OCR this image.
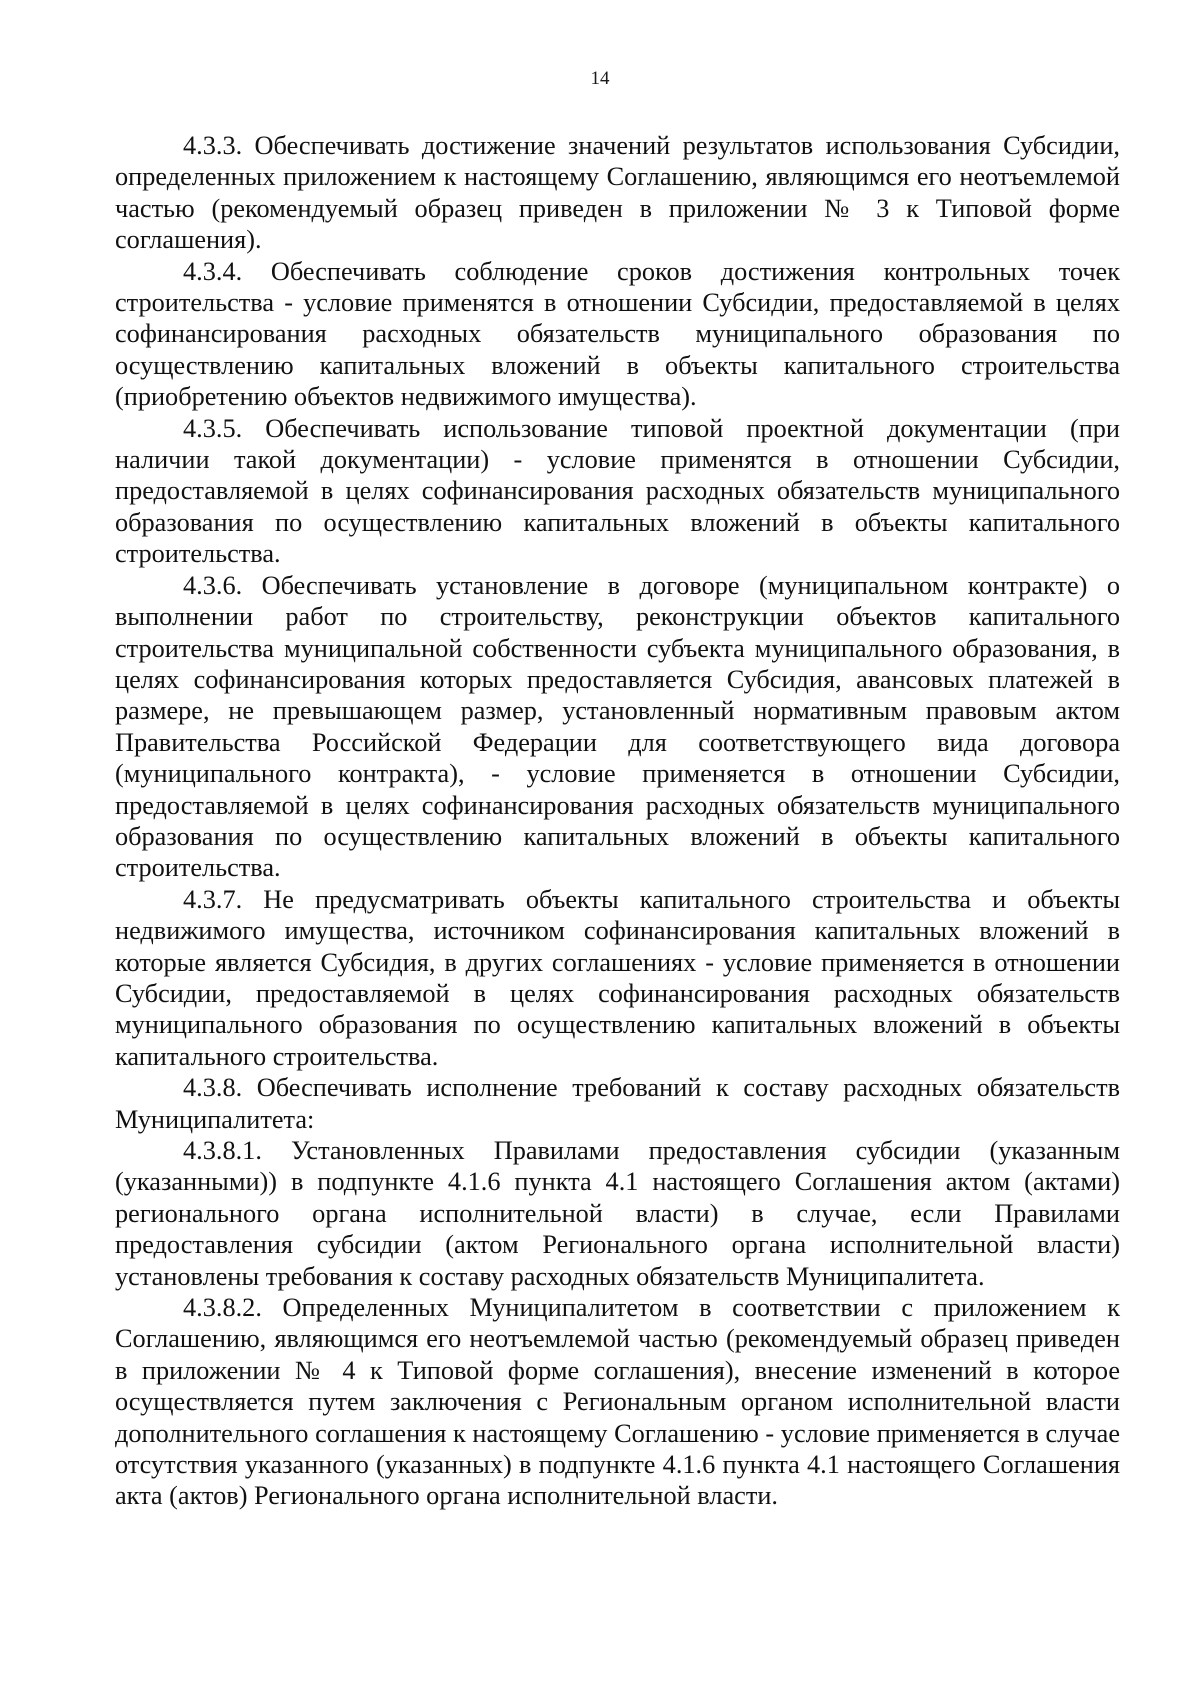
14

4.3.3. Обеспечивать достижение значений результатов использования Субсидии, определенных приложением к настоящему Соглашению, являющимся его неотъемлемой частью (рекомендуемый образец приведен в приложении № 3 к Типовой форме соглашения).

4.3.4. Обеспечивать соблюдение сроков достижения контрольных точек строительства - условие применятся в отношении Субсидии, предоставляемой в целях софинансирования расходных обязательств муниципального образования по осуществлению капитальных вложений в объекты капитального строительства (приобретению объектов недвижимого имущества).

4.3.5. Обеспечивать использование типовой проектной документации (при наличии такой документации) - условие применятся в отношении Субсидии, предоставляемой в целях софинансирования расходных обязательств муниципального образования по осуществлению капитальных вложений в объекты капитального строительства.

4.3.6. Обеспечивать установление в договоре (муниципальном контракте) о выполнении работ по строительству, реконструкции объектов капитального строительства муниципальной собственности субъекта муниципального образования, в целях софинансирования которых предоставляется Субсидия, авансовых платежей в размере, не превышающем размер, установленный нормативным правовым актом Правительства Российской Федерации для соответствующего вида договора (муниципального контракта), - условие применяется в отношении Субсидии, предоставляемой в целях софинансирования расходных обязательств муниципального образования по осуществлению капитальных вложений в объекты капитального строительства.

4.3.7. Не предусматривать объекты капитального строительства и объекты недвижимого имущества, источником софинансирования капитальных вложений в которые является Субсидия, в других соглашениях - условие применяется в отношении Субсидии, предоставляемой в целях софинансирования расходных обязательств муниципального образования по осуществлению капитальных вложений в объекты капитального строительства.

4.3.8. Обеспечивать исполнение требований к составу расходных обязательств Муниципалитета:

4.3.8.1. Установленных Правилами предоставления субсидии (указанным (указанными)) в подпункте 4.1.6 пункта 4.1 настоящего Соглашения актом (актами) регионального органа исполнительной власти) в случае, если Правилами предоставления субсидии (актом Регионального органа исполнительной власти) установлены требования к составу расходных обязательств Муниципалитета.

4.3.8.2. Определенных Муниципалитетом в соответствии с приложением к Соглашению, являющимся его неотъемлемой частью (рекомендуемый образец приведен в приложении № 4 к Типовой форме соглашения), внесение изменений в которое осуществляется путем заключения с Региональным органом исполнительной власти дополнительного соглашения к настоящему Соглашению - условие применяется в случае отсутствия указанного (указанных) в подпункте 4.1.6 пункта 4.1 настоящего Соглашения акта (актов) Регионального органа исполнительной власти.
